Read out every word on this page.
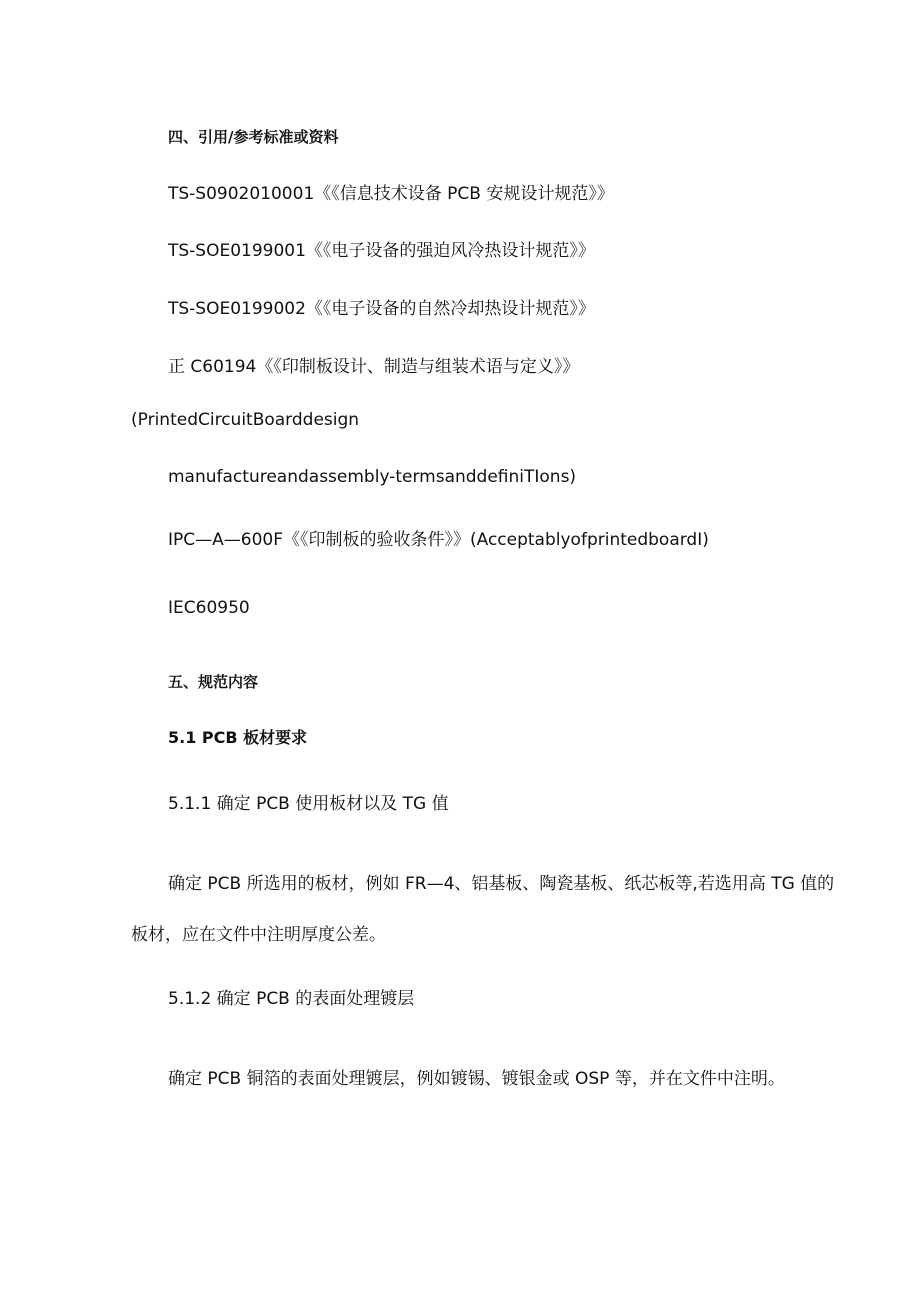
四、引用/参考标准或资料
TS-S0902010001《《信息技术设备 PCB 安规设计规范》》
TS-SOE0199001《《电子设备的强迫风冷热设计规范》》
TS-SOE0199002《《电子设备的自然冷却热设计规范》》
正 C60194《《印制板设计、制造与组装术语与定义》》
(PrintedCircuitBoarddesign
manufactureandassembly-termsanddefiniTIons)
IPC—A—600F《《印制板的验收条件》》(AcceptablyofprintedboardⅠ)
IEC60950
五、规范内容
5.1 PCB 板材要求
5.1.1 确定 PCB 使用板材以及 TG 值
确定 PCB 所选用的板材，例如 FR—4、铝基板、陶瓷基板、纸芯板等,若选用高 TG 值的
板材，应在文件中注明厚度公差。
5.1.2 确定 PCB 的表面处理镀层
确定 PCB 铜箔的表面处理镀层，例如镀锡、镀银金或 OSP 等，并在文件中注明。
